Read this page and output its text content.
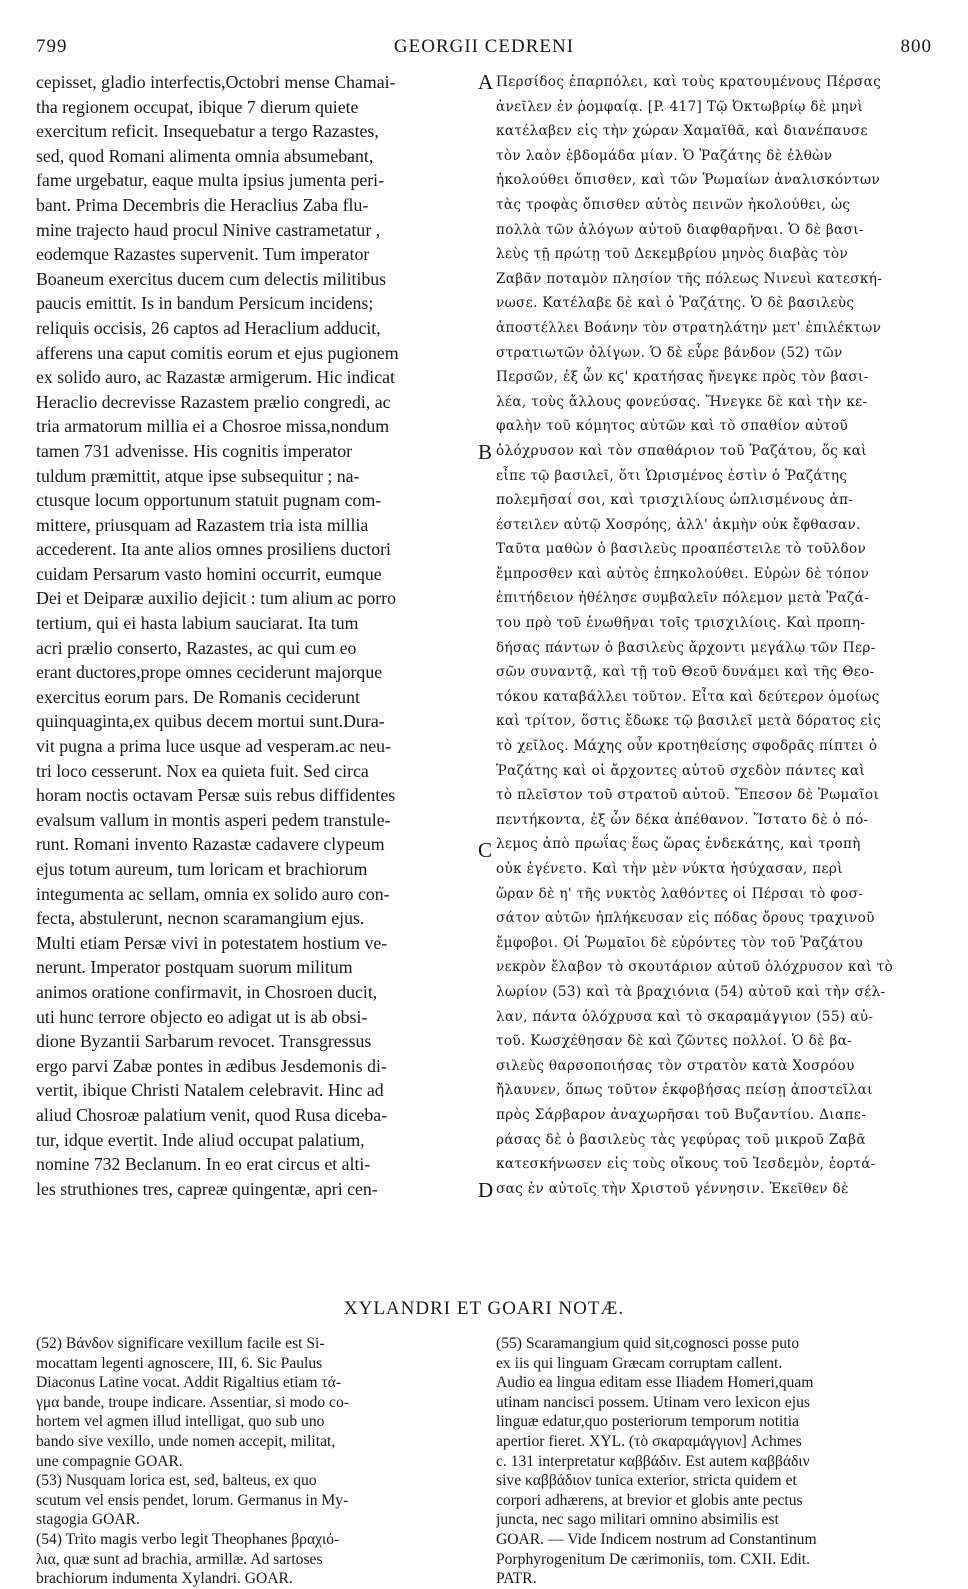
799	GEORGII CEDRENI	800
cepisset, gladio interfectis,Octobri mense Chamai-
tha regionem occupat, ibique 7 dierum quiete
exercitum reficit. Insequebatur a tergo Razastes,
sed, quod Romani alimenta omnia absumebant,
fame urgebatur, eaque multa ipsius jumenta peri-
bant. Prima Decembris die Heraclius Zaba flu-
mine trajecto haud procul Ninive castrametatur ,
eodemque Razastes supervenit. Tum imperator
Boaneum exercitus ducem cum delectis militibus
paucis emittit. Is in bandum Persicum incidens;
reliquis occisis, 26 captos ad Heraclium adducit,
afferens una caput comitis eorum et ejus pugionem
ex solido auro, ac Razastæ armigerum. Hic indicat
Heraclio decrevisse Razastem prælio congredi, ac
tria armatorum millia ei a Chosroe missa,nondum
tamen 731 advenisse. His cognitis imperator
tuldum præmittit, atque ipse subsequitur ; na-
ctusque locum opportunum statuit pugnam com-
mittere, priusquam ad Razastem tria ista millia
accederent. Ita ante alios omnes prosiliens ductori
cuidam Persarum vasto homini occurrit, eumque
Dei et Deiparæ auxilio dejicit : tum alium ac porro
tertium, qui ei hasta labium sauciarat. Ita tum
acri prælio conserto, Razastes, ac qui cum eo
erant ductores,prope omnes ceciderunt majorque
exercitus eorum pars. De Romanis ceciderunt
quinquaginta,ex quibus decem mortui sunt.Dura-
vit pugna a prima luce usque ad vesperam.ac neu-
tri loco cesserunt. Nox ea quieta fuit. Sed circa
horam noctis octavam Persæ suis rebus diffidentes
evalsum vallum in montis asperi pedem transtule-
runt. Romani invento Razastæ cadavere clypeum
ejus totum aureum, tum loricam et brachiorum
integumenta ac sellam, omnia ex solido auro con-
fecta, abstulerunt, necnon scaramangium ejus.
Multi etiam Persæ vivi in potestatem hostium ve-
nerunt. Imperator postquam suorum militum
animos oratione confirmavit, in Chosroen ducit,
uti hunc terrore objecto eo adigat ut is ab obsi-
dione Byzantii Sarbarum revocet. Transgressus
ergo parvi Zabæ pontes in ædibus Jesdemonis di-
vertit, ibique Christi Natalem celebravit. Hinc ad
aliud Chosroæ palatium venit, quod Rusa diceba-
tur, idque evertit. Inde aliud occupat palatium,
nomine 732 Beclanum. In eo erat circus et alti-
les struthiones tres, capreæ quingentæ, apri cen-
Περσίδος ἐπαρπόλει, καὶ τοὺς κρατουμένους Πέρσας
ἀνεῖλεν ἐν ῥομφαίᾳ. [P. 417] Τῷ Ὀκτωβρίῳ δὲ μηνὶ
κατέλαβεν εἰς τὴν χώραν Χαμαϊθᾶ, καὶ διανέπαυσε
τὸν λαὸν ἑβδομάδα μίαν. Ὁ Ῥαζάτης δὲ ἐλθὼν
ἠκολούθει ὄπισθεν, καὶ τῶν Ῥωμαίων ἀναλισκόντων
τὰς τροφὰς ὄπισθεν αὐτὸς πεινῶν ἠκολούθει, ὡς
πολλὰ τῶν ἀλόγων αὐτοῦ διαφθαρῆναι. Ὁ δὲ βασι-
λεὺς τῇ πρώτῃ τοῦ Δεκεμβρίου μηνὸς διαβὰς τὸν
Ζαβᾶν ποταμὸν πλησίον τῆς πόλεως Νινευὶ κατεσκή-
νωσε. Κατέλαβε δὲ καὶ ὁ Ῥαζάτης. Ὁ δὲ βασιλεὺς
ἀποστέλλει Βοάνην τὸν στρατηλάτην μετ' ἐπιλέκτων
στρατιωτῶν ὀλίγων. Ὁ δὲ εὗρε βάνδον (52) τῶν
Περσῶν, ἐξ ὧν κϛ' κρατήσας ἤνεγκε πρὸς τὸν βασι-
λέα, τοὺς ἄλλους φονεύσας. Ἤνεγκε δὲ καὶ τὴν κε-
φαλὴν τοῦ κόμητος αὐτῶν καὶ τὸ σπαθίον αὐτοῦ
ὁλόχρυσον καὶ τὸν σπαθάριον τοῦ Ῥαζάτου, ὅς καὶ
εἶπε τῷ βασιλεῖ, ὅτι Ὡρισμένος ἐστὶν ὁ Ῥαζάτης
πολεμῆσαί σοι, καὶ τρισχιλίους ὡπλισμένους ἀπ-
έστειλεν αὐτῷ Χοσρόης, ἀλλ' ἀκμὴν οὐκ ἔφθασαν.
Ταῦτα μαθὼν ὁ βασιλεὺς προαπέστειλε τὸ τοῦλδον
ἔμπροσθεν καὶ αὐτὸς ἐπηκολούθει. Εὑρὼν δὲ τόπον
ἐπιτήδειον ἠθέλησε συμβαλεῖν πόλεμον μετὰ Ῥαζά-
του πρὸ τοῦ ἑνωθῆναι τοῖς τρισχιλίοις. Καὶ προπη-
δήσας πάντων ὁ βασιλεὺς ἄρχοντι μεγάλῳ τῶν Περ-
σῶν συναντᾷ, καὶ τῇ τοῦ Θεοῦ δυνάμει καὶ τῆς Θεο-
τόκου καταβάλλει τοῦτον. Εἶτα καὶ δεύτερον ὁμοίως
καὶ τρίτον, ὅστις ἔδωκε τῷ βασιλεῖ μετὰ δόρατος εἰς
τὸ χεῖλος. Μάχης οὖν κροτηθείσης σφοδρᾶς πίπτει ὁ
Ῥαζάτης καὶ οἱ ἄρχοντες αὐτοῦ σχεδὸν πάντες καὶ
τὸ πλεῖστον τοῦ στρατοῦ αὐτοῦ. Ἔπεσον δὲ Ῥωμαῖοι
πεντήκοντα, ἐξ ὧν δέκα ἀπέθανον. Ἵστατο δὲ ὁ πό-
λεμος ἀπὸ πρωΐας ἕως ὥρας ἑνδεκάτης, καὶ τροπὴ
οὐκ ἐγένετο. Καὶ τὴν μὲν νύκτα ἡσύχασαν, περὶ
ὥραν δὲ η' τῆς νυκτὸς λαθόντες οἱ Πέρσαι τὸ φοσ-
σάτον αὐτῶν ἠπλήκευσαν εἰς πόδας ὄρους τραχινοῦ
ἔμφοβοι. Οἱ Ῥωμαῖοι δὲ εὑρόντες τὸν τοῦ Ῥαζάτου
νεκρὸν ἔλαβον τὸ σκουτάριον αὐτοῦ ὁλόχρυσον καὶ τὸ
λωρίον (53) καὶ τὰ βραχιόνια (54) αὐτοῦ καὶ τὴν σέλ-
λαν, πάντα ὁλόχρυσα καὶ τὸ σκαραμάγγιον (55) αὐ-
τοῦ. Κωσχέθησαν δὲ καὶ ζῶντες πολλοί. Ὁ δὲ βα-
σιλεὺς θαρσοποιήσας τὸν στρατὸν κατὰ Χοσρόου
ἤλαυνεν, ὅπως τοῦτον ἐκφοβήσας πείσῃ ἀποστεῖλαι
πρὸς Σάρβαρον ἀναχωρῆσαι τοῦ Βυζαντίου. Διαπε-
ράσας δὲ ὁ βασιλεὺς τὰς γεφύρας τοῦ μικροῦ Ζαβᾶ
κατεσκήνωσεν εἰς τοὺς οἴκους τοῦ Ἰεσδεμὸν, ἑορτά-
σας ἐν αὐτοῖς τὴν Χριστοῦ γέννησιν. Ἐκεῖθεν δὲ
A
B
C
D
XYLANDRI ET GOARI NOTÆ.
(52) Βάνδον significare vexillum facile est Si-
mocattam legenti agnoscere, III, 6. Sic Paulus
Diaconus Latine vocat. Addit Rigaltius etiam τά-
γμα bande, troupe indicare. Assentiar, si modo co-
hortem vel agmen illud intelligat, quo sub uno
bando sive vexillo, unde nomen accepit, militat,
une compagnie GOAR.
(53) Nusquam lorica est, sed, balteus, ex quo
scutum vel ensis pendet, lorum. Germanus in My-
stagogia GOAR.
(54) Trito magis verbo legit Theophanes βραχιό-
λια, quæ sunt ad brachia, armillæ. Ad sartoses
brachiorum indumenta Xylandri. GOAR.
(55) Scaramangium quid sit,cognosci posse puto
ex iis qui linguam Græcam corruptam callent.
Audio ea lingua editam esse Iliadem Homeri,quam
utinam nancisci possem. Utinam vero lexicon ejus
linguæ edatur,quo posteriorum temporum notitia
apertior fieret. XYL. (τὸ σκαραμάγγιον] Achmes
c. 131 interpretatur καββάδιν. Est autem καββάδιν
sive καββάδιον tunica exterior, stricta quidem et
corpori adhærens, at brevior et globis ante pectus
juncta, nec sago militari omnino absimilis est
GOAR. — Vide Indicem nostrum ad Constantinum
Porphyrogenitum De cærimoniis, tom. CXII. Edit.
PATR.
